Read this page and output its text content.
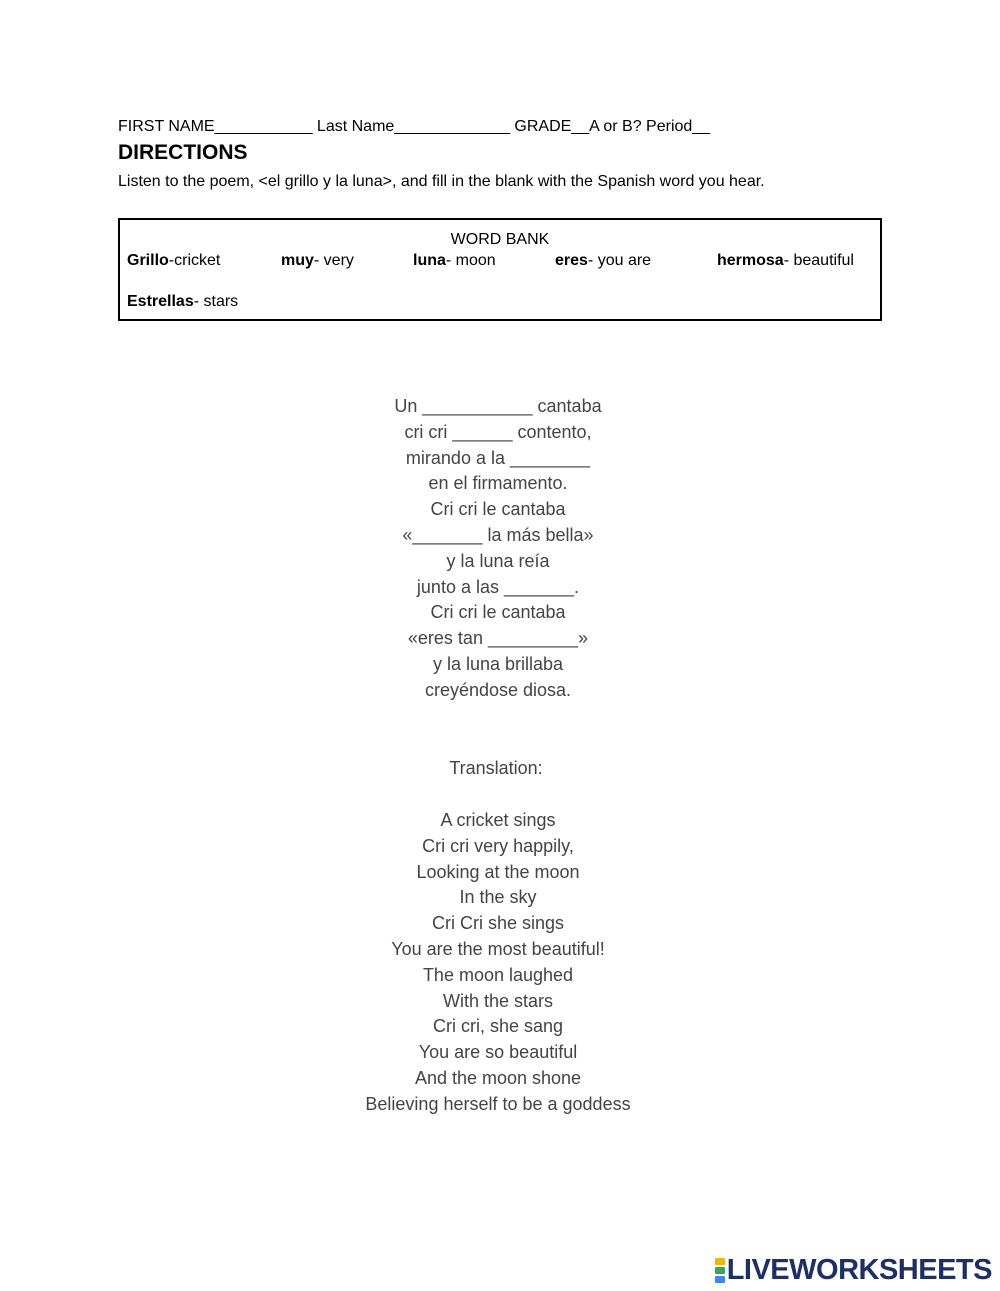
FIRST NAME___________ Last Name_____________ GRADE__A or B? Period__
DIRECTIONS
Listen to the poem, <el grillo y la luna>, and fill in the blank with the Spanish word you hear.
WORD BANK
Grillo-cricket	muy- very	luna- moon	eres- you are	hermosa- beautiful
Estrellas- stars
Un ___________ cantaba
cri cri ______ contento,
mirando a la ________
en el firmamento.
Cri cri le cantaba
«_______ la más bella»
y la luna reía
junto a las _______.
Cri cri le cantaba
«eres tan _________»
y la luna brillaba
creyéndose diosa.
Translation:
A cricket sings
Cri cri very happily,
Looking at the moon
In the sky
Cri Cri she sings
You are the most beautiful!
The moon laughed
With the stars
Cri cri, she sang
You are so beautiful
And the moon shone
Believing herself to be a goddess
LIVEWORKSHEETS
